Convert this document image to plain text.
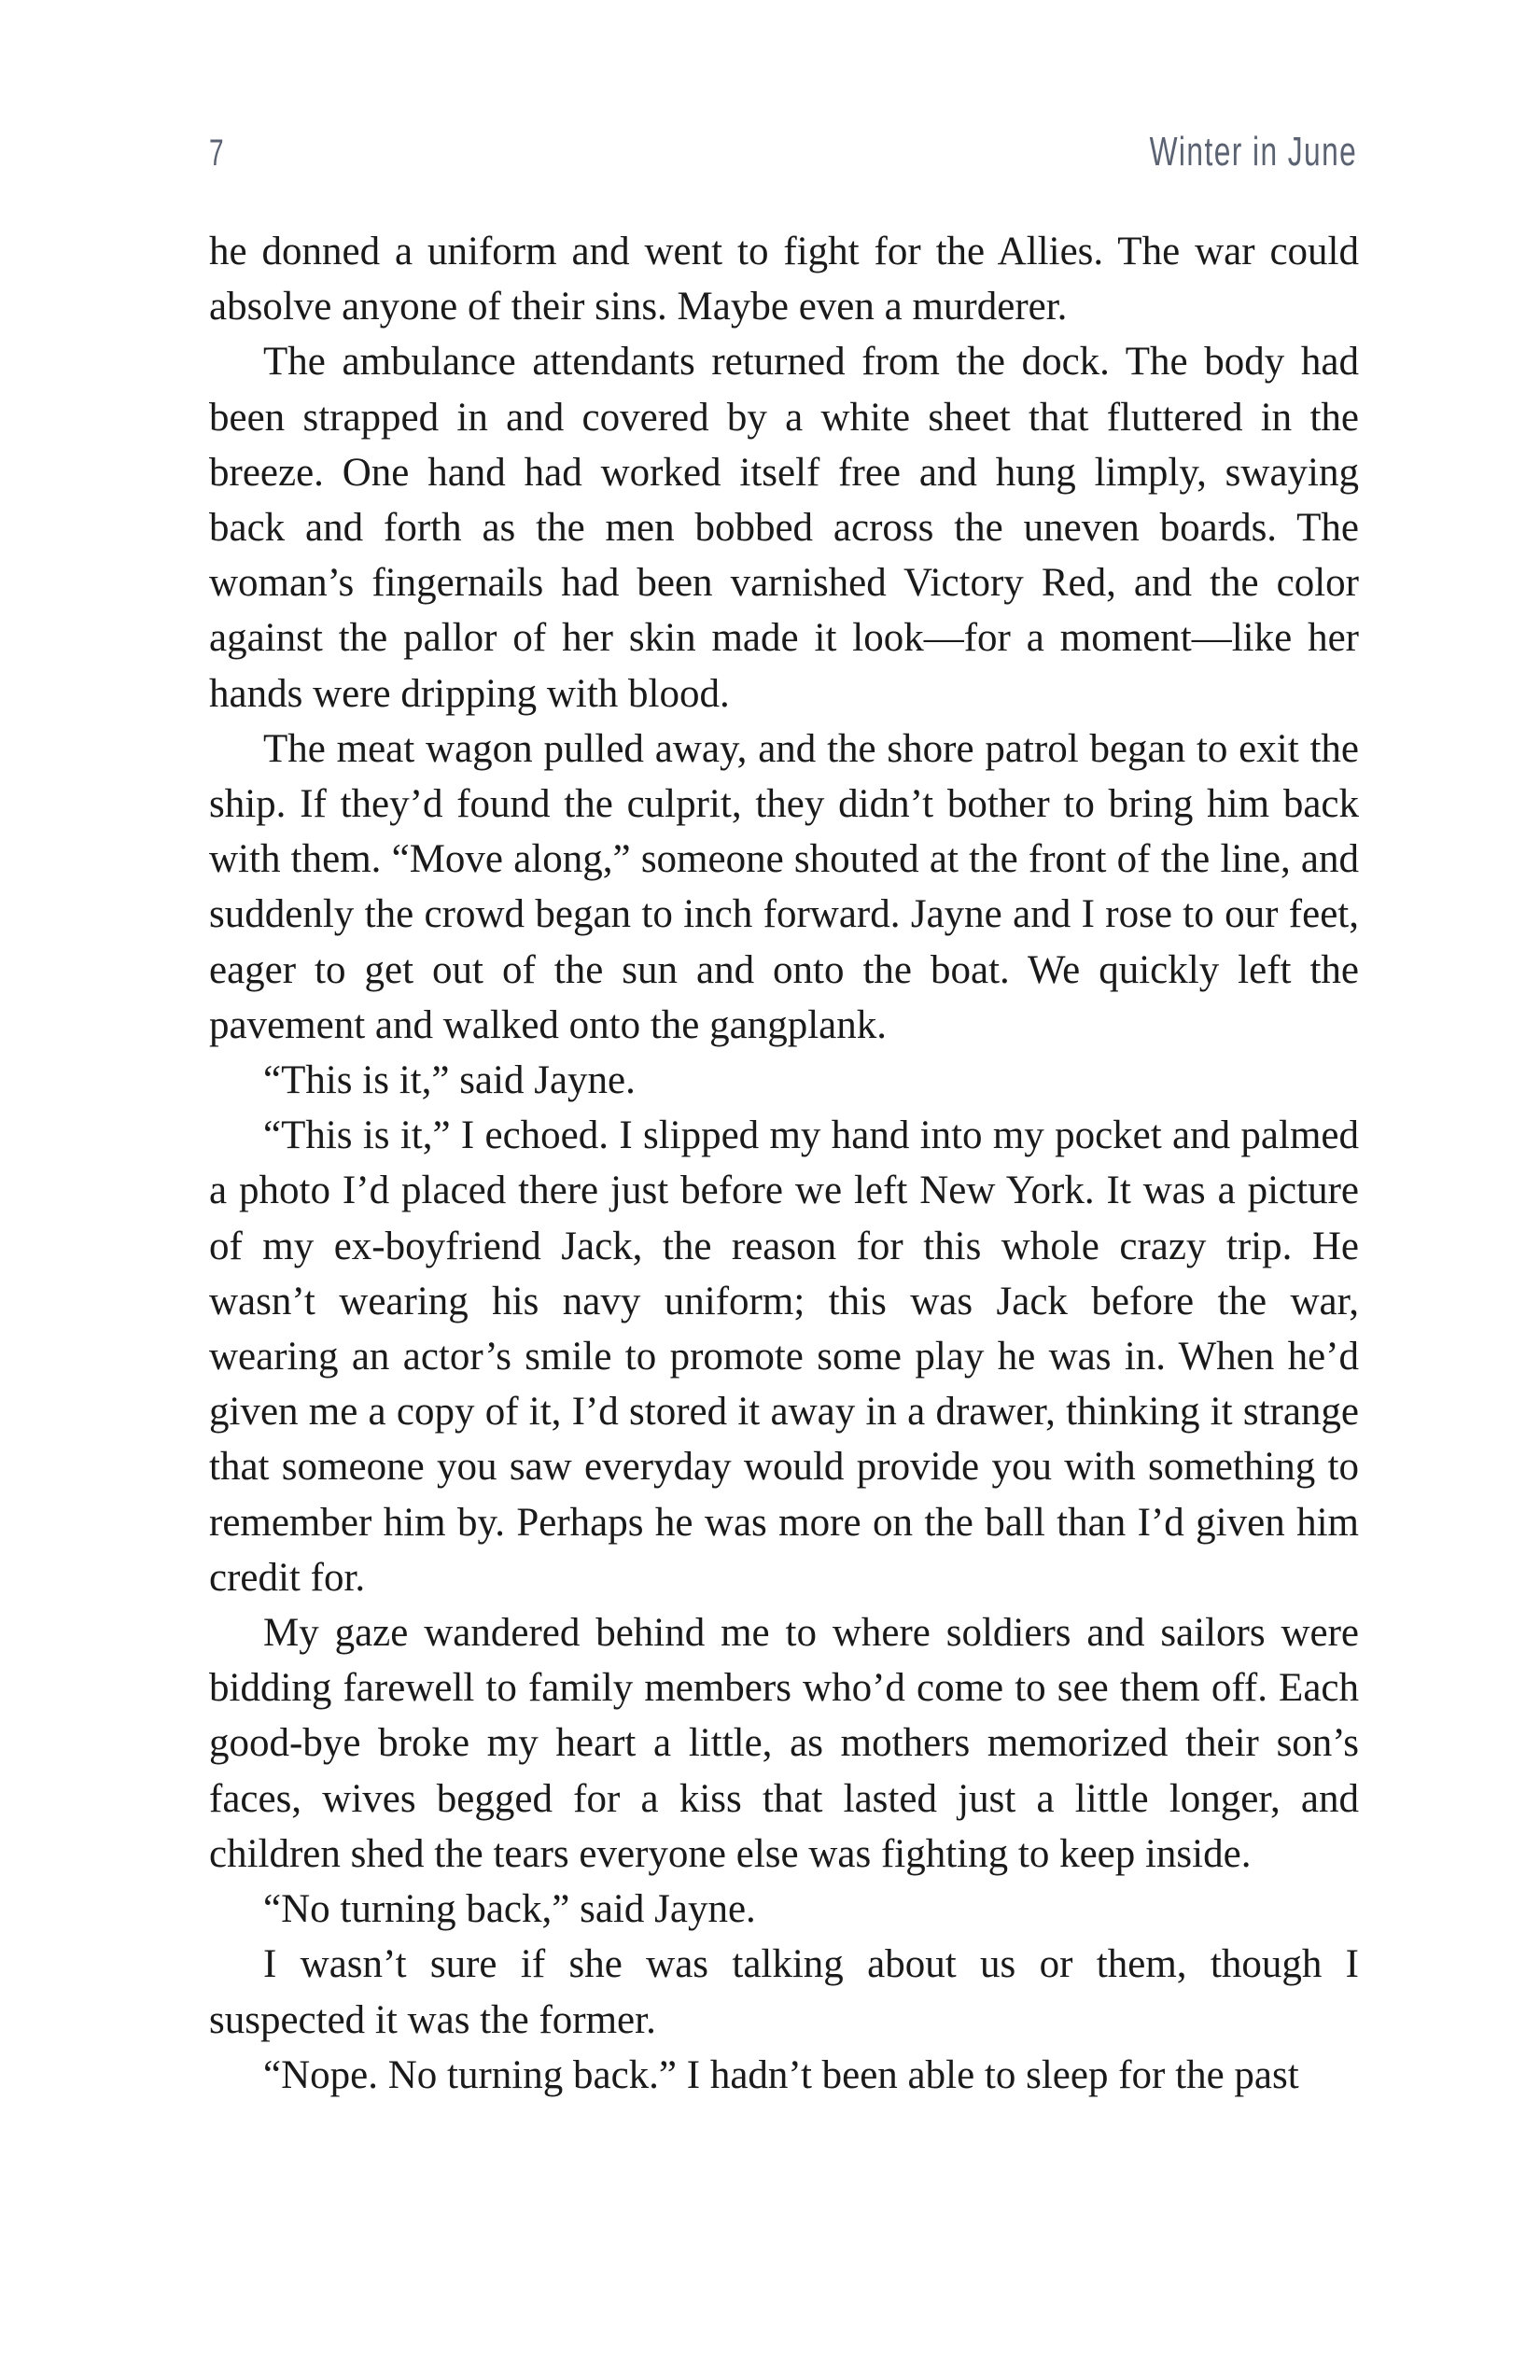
7	Winter in June

he donned a uniform and went to fight for the Allies. The war could absolve anyone of their sins. Maybe even a murderer.

The ambulance attendants returned from the dock. The body had been strapped in and covered by a white sheet that fluttered in the breeze. One hand had worked itself free and hung limply, swaying back and forth as the men bobbed across the uneven boards. The woman’s fingernails had been varnished Victory Red, and the color against the pallor of her skin made it look—for a moment—like her hands were dripping with blood.

The meat wagon pulled away, and the shore patrol began to exit the ship. If they’d found the culprit, they didn’t bother to bring him back with them. “Move along,” someone shouted at the front of the line, and suddenly the crowd began to inch forward. Jayne and I rose to our feet, eager to get out of the sun and onto the boat. We quickly left the pavement and walked onto the gangplank.

“This is it,” said Jayne.

“This is it,” I echoed. I slipped my hand into my pocket and palmed a photo I’d placed there just before we left New York. It was a picture of my ex-boyfriend Jack, the reason for this whole crazy trip. He wasn’t wearing his navy uniform; this was Jack before the war, wearing an actor’s smile to promote some play he was in. When he’d given me a copy of it, I’d stored it away in a drawer, thinking it strange that someone you saw everyday would provide you with something to remember him by. Perhaps he was more on the ball than I’d given him credit for.

My gaze wandered behind me to where soldiers and sailors were bidding farewell to family members who’d come to see them off. Each good-bye broke my heart a little, as mothers memorized their son’s faces, wives begged for a kiss that lasted just a little longer, and children shed the tears everyone else was fighting to keep inside.

“No turning back,” said Jayne.

I wasn’t sure if she was talking about us or them, though I suspected it was the former.

“Nope. No turning back.” I hadn’t been able to sleep for the past
